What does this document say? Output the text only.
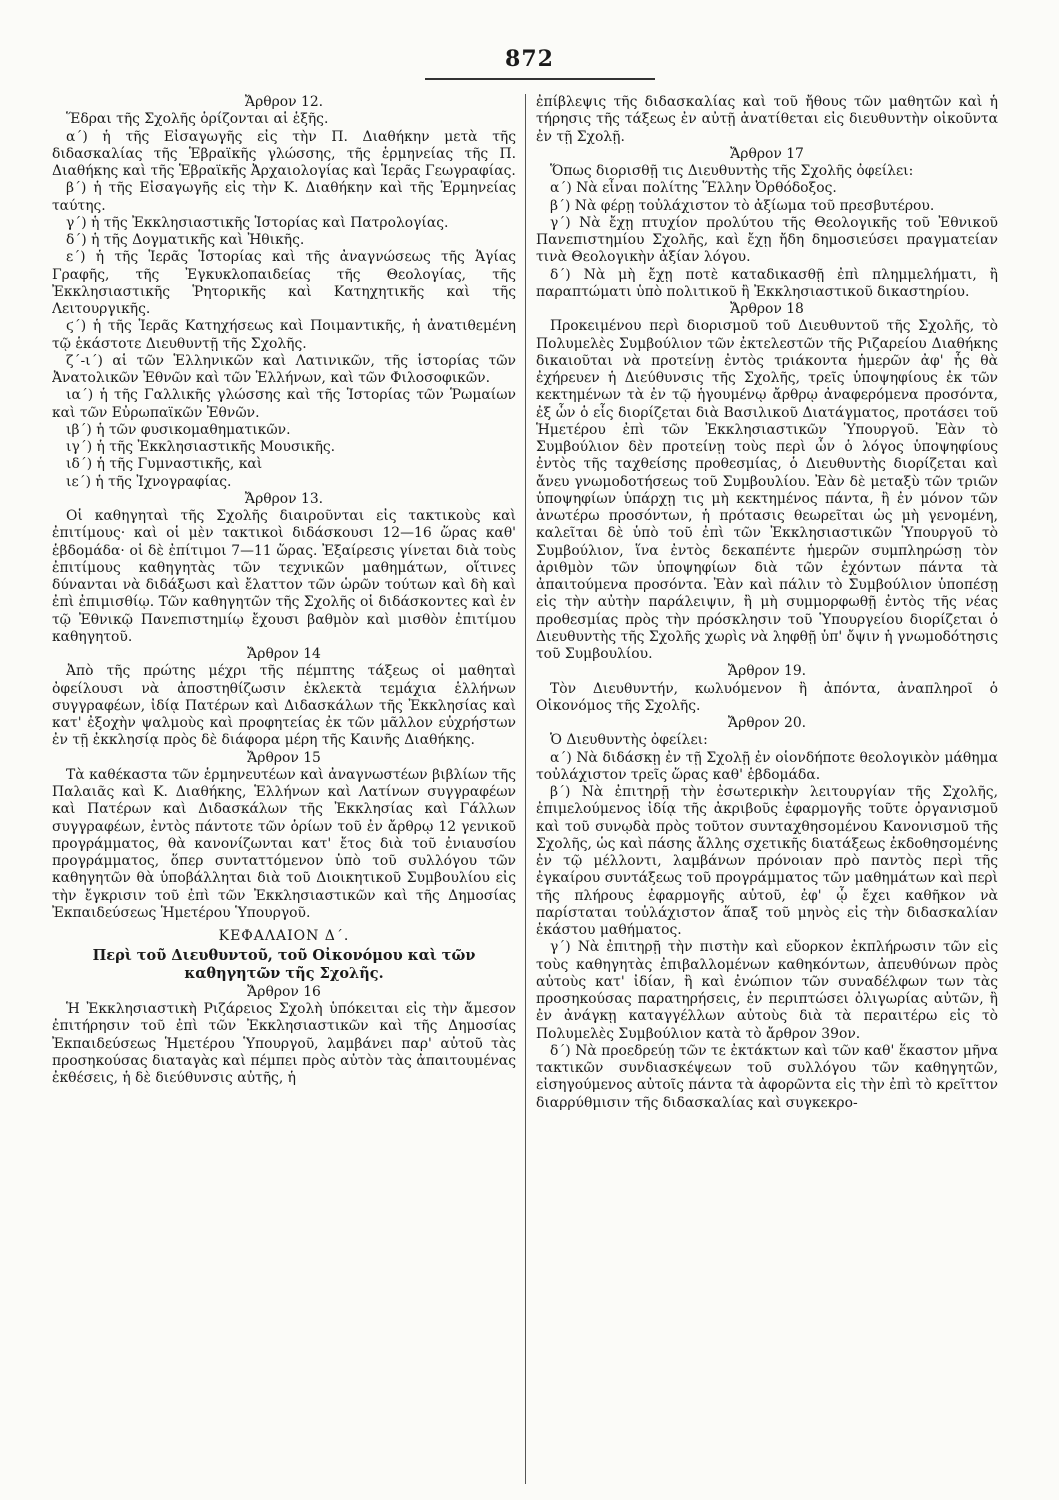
872
Ἄρθρον 12.
Ἕδραι τῆς Σχολῆς ὁρίζονται αἱ ἑξῆς.
α΄) ἡ τῆς Εἰσαγωγῆς εἰς τὴν Π. Διαθήκην μετὰ τῆς διδασκαλίας τῆς Ἑβραϊκῆς γλώσσης, τῆς ἑρμηνείας τῆς Π. Διαθήκης καὶ τῆς Ἑβραϊκῆς Ἀρχαιολογίας καὶ Ἱερᾶς Γεωγραφίας.
β΄) ἡ τῆς Εἰσαγωγῆς εἰς τὴν Κ. Διαθήκην καὶ τῆς Ἑρμηνείας ταύτης.
γ΄) ἡ τῆς Ἐκκλησιαστικῆς Ἱστορίας καὶ Πατρολογίας.
δ΄) ἡ τῆς Δογματικῆς καὶ Ἠθικῆς.
ε΄) ἡ τῆς Ἱερᾶς Ἱστορίας καὶ τῆς ἀναγνώσεως τῆς Ἁγίας Γραφῆς, τῆς Ἐγκυκλοπαιδείας τῆς Θεολογίας, τῆς Ἐκκλησιαστικῆς Ῥητορικῆς καὶ Κατηχητικῆς καὶ τῆς Λειτουργικῆς.
ϛ΄) ἡ τῆς Ἱερᾶς Κατηχήσεως καὶ Ποιμαντικῆς, ἡ ἀνατιθεμένη τῷ ἑκάστοτε Διευθυντῇ τῆς Σχολῆς.
ζ΄-ι΄) αἱ τῶν Ἑλληνικῶν καὶ Λατινικῶν, τῆς ἱστορίας τῶν Ἀνατολικῶν Ἐθνῶν καὶ τῶν Ἑλλήνων, καὶ τῶν Φιλοσοφικῶν.
ια΄) ἡ τῆς Γαλλικῆς γλώσσης καὶ τῆς Ἱστορίας τῶν Ῥωμαίων καὶ τῶν Εὐρωπαϊκῶν Ἐθνῶν.
ιβ΄) ἡ τῶν φυσικομαθηματικῶν.
ιγ΄) ἡ τῆς Ἐκκλησιαστικῆς Μουσικῆς.
ιδ΄) ἡ τῆς Γυμναστικῆς, καὶ
ιε΄) ἡ τῆς Ἰχνογραφίας.
Ἄρθρον 13.
Οἱ καθηγηταὶ τῆς Σχολῆς διαιροῦνται εἰς τακτικοὺς καὶ ἐπιτίμους· καὶ οἱ μὲν τακτικοὶ διδάσκουσι 12—16 ὥρας καθ' ἑβδομάδα· οἱ δὲ ἐπίτιμοι 7—11 ὥρας. Ἐξαίρεσις γίνεται διὰ τοὺς ἐπιτίμους καθηγητὰς τῶν τεχνικῶν μαθημάτων, οἵτινες δύνανται νὰ διδάξωσι καὶ ἔλαττον τῶν ὡρῶν τούτων καὶ δὴ καὶ ἐπὶ ἐπιμισθίῳ. Τῶν καθηγητῶν τῆς Σχολῆς οἱ διδάσκοντες καὶ ἐν τῷ Ἐθνικῷ Πανεπιστημίῳ ἔχουσι βαθμὸν καὶ μισθὸν ἐπιτίμου καθηγητοῦ.
Ἄρθρον 14
Ἀπὸ τῆς πρώτης μέχρι τῆς πέμπτης τάξεως οἱ μαθηταὶ ὀφείλουσι νὰ ἀποστηθίζωσιν ἐκλεκτὰ τεμάχια ἑλλήνων συγγραφέων, ἰδίᾳ Πατέρων καὶ Διδασκάλων τῆς Ἐκκλησίας καὶ κατ' ἐξοχὴν ψαλμοὺς καὶ προφητείας ἐκ τῶν μᾶλλον εὐχρήστων ἐν τῇ ἐκκλησίᾳ πρὸς δὲ διάφορα μέρη τῆς Καινῆς Διαθήκης.
Ἄρθρον 15
Τὰ καθέκαστα τῶν ἑρμηνευτέων καὶ ἀναγνωστέων βιβλίων τῆς Παλαιᾶς καὶ Κ. Διαθήκης, Ἑλλήνων καὶ Λατίνων συγγραφέων καὶ Πατέρων καὶ Διδασκάλων τῆς Ἐκκλησίας καὶ Γάλλων συγγραφέων, ἐντὸς πάντοτε τῶν ὁρίων τοῦ ἐν ἄρθρῳ 12 γενικοῦ προγράμματος, θὰ κανονίζωνται κατ' ἔτος διὰ τοῦ ἐνιαυσίου προγράμματος, ὅπερ συνταττόμενον ὑπὸ τοῦ συλλόγου τῶν καθηγητῶν θὰ ὑποβάλληται διὰ τοῦ Διοικητικοῦ Συμβουλίου εἰς τὴν ἔγκρισιν τοῦ ἐπὶ τῶν Ἐκκλησιαστικῶν καὶ τῆς Δημοσίας Ἐκπαιδεύσεως Ἡμετέρου Ὑπουργοῦ.
ΚΕΦΑΛΑΙΟΝ Δ΄.
Περὶ τοῦ Διευθυντοῦ, τοῦ Οἰκονόμου καὶ τῶν καθηγητῶν τῆς Σχολῆς.
Ἄρθρον 16
Ἡ Ἐκκλησιαστικὴ Ριζάρειος Σχολὴ ὑπόκειται εἰς τὴν ἄμεσον ἐπιτήρησιν τοῦ ἐπὶ τῶν Ἐκκλησιαστικῶν καὶ τῆς Δημοσίας Ἐκπαιδεύσεως Ἡμετέρου Ὑπουργοῦ, λαμβάνει παρ' αὐτοῦ τὰς προσηκούσας διαταγὰς καὶ πέμπει πρὸς αὐτὸν τὰς ἀπαιτουμένας ἐκθέσεις, ἡ δὲ διεύθυνσις αὐτῆς, ἡ
ἐπίβλεψις τῆς διδασκαλίας καὶ τοῦ ἤθους τῶν μαθητῶν καὶ ἡ τήρησις τῆς τάξεως ἐν αὐτῇ ἀνατίθεται εἰς διευθυντὴν οἰκοῦντα ἐν τῇ Σχολῇ.
Ἄρθρον 17
Ὅπως διορισθῇ τις Διευθυντὴς τῆς Σχολῆς ὀφείλει:
α΄) Νὰ εἶναι πολίτης Ἕλλην Ὀρθόδοξος.
β΄) Νὰ φέρῃ τοὐλάχιστον τὸ ἀξίωμα τοῦ πρεσβυτέρου.
γ΄) Νὰ ἔχῃ πτυχίον προλύτου τῆς Θεολογικῆς τοῦ Ἐθνικοῦ Πανεπιστημίου Σχολῆς, καὶ ἔχῃ ἤδη δημοσιεύσει πραγματείαν τινὰ Θεολογικὴν ἀξίαν λόγου.
δ΄) Νὰ μὴ ἔχῃ ποτὲ καταδικασθῇ ἐπὶ πλημμελήματι, ἢ παραπτώματι ὑπὸ πολιτικοῦ ἢ Ἐκκλησιαστικοῦ δικαστηρίου.
Ἄρθρον 18
Προκειμένου περὶ διορισμοῦ τοῦ Διευθυντοῦ τῆς Σχολῆς, τὸ Πολυμελὲς Συμβούλιον τῶν ἐκτελεστῶν τῆς Ριζαρείου Διαθήκης δικαιοῦται νὰ προτείνῃ ἐντὸς τριάκοντα ἡμερῶν ἀφ' ἧς θὰ ἐχήρευεν ἡ Διεύθυνσις τῆς Σχολῆς, τρεῖς ὑποψηφίους ἐκ τῶν κεκτημένων τὰ ἐν τῷ ἡγουμένῳ ἄρθρῳ ἀναφερόμενα προσόντα, ἐξ ὧν ὁ εἷς διορίζεται διὰ Βασιλικοῦ Διατάγματος, προτάσει τοῦ Ἡμετέρου ἐπὶ τῶν Ἐκκλησιαστικῶν Ὑπουργοῦ. Ἐὰν τὸ Συμβούλιον δὲν προτείνῃ τοὺς περὶ ὧν ὁ λόγος ὑποψηφίους ἐντὸς τῆς ταχθείσης προθεσμίας, ὁ Διευθυντὴς διορίζεται καὶ ἄνευ γνωμοδοτήσεως τοῦ Συμβουλίου. Ἐὰν δὲ μεταξὺ τῶν τριῶν ὑποψηφίων ὑπάρχῃ τις μὴ κεκτημένος πάντα, ἢ ἐν μόνον τῶν ἀνωτέρω προσόντων, ἡ πρότασις θεωρεῖται ὡς μὴ γενομένη, καλεῖται δὲ ὑπὸ τοῦ ἐπὶ τῶν Ἐκκλησιαστικῶν Ὑπουργοῦ τὸ Συμβούλιον, ἵνα ἐντὸς δεκαπέντε ἡμερῶν συμπληρώσῃ τὸν ἀριθμὸν τῶν ὑποψηφίων διὰ τῶν ἐχόντων πάντα τὰ ἀπαιτούμενα προσόντα. Ἐὰν καὶ πάλιν τὸ Συμβούλιον ὑποπέσῃ εἰς τὴν αὐτὴν παράλειψιν, ἢ μὴ συμμορφωθῇ ἐντὸς τῆς νέας προθεσμίας πρὸς τὴν πρόσκλησιν τοῦ Ὑπουργείου διορίζεται ὁ Διευθυντὴς τῆς Σχολῆς χωρὶς νὰ ληφθῇ ὑπ' ὄψιν ἡ γνωμοδότησις τοῦ Συμβουλίου.
Ἄρθρον 19.
Τὸν Διευθυντήν, κωλυόμενον ἢ ἀπόντα, ἀναπληροῖ ὁ Οἰκονόμος τῆς Σχολῆς.
Ἄρθρον 20.
Ὁ Διευθυντὴς ὀφείλει:
α΄) Νὰ διδάσκῃ ἐν τῇ Σχολῇ ἐν οἱονδήποτε θεολογικὸν μάθημα τοὐλάχιστον τρεῖς ὥρας καθ' ἑβδομάδα.
β΄) Νὰ ἐπιτηρῇ τὴν ἐσωτερικὴν λειτουργίαν τῆς Σχολῆς, ἐπιμελούμενος ἰδίᾳ τῆς ἀκριβοῦς ἐφαρμογῆς τοῦτε ὀργανισμοῦ καὶ τοῦ συνῳδὰ πρὸς τοῦτον συνταχθησομένου Κανονισμοῦ τῆς Σχολῆς, ὡς καὶ πάσης ἄλλης σχετικῆς διατάξεως ἐκδοθησομένης ἐν τῷ μέλλοντι, λαμβάνων πρόνοιαν πρὸ παντὸς περὶ τῆς ἐγκαίρου συντάξεως τοῦ προγράμματος τῶν μαθημάτων καὶ περὶ τῆς πλήρους ἐφαρμογῆς αὐτοῦ, ἐφ' ᾧ ἔχει καθῆκον νὰ παρίσταται τοὐλάχιστον ἅπαξ τοῦ μηνὸς εἰς τὴν διδασκαλίαν ἑκάστου μαθήματος.
γ΄) Νὰ ἐπιτηρῇ τὴν πιστὴν καὶ εὔορκον ἐκπλήρωσιν τῶν εἰς τοὺς καθηγητὰς ἐπιβαλλομένων καθηκόντων, ἀπευθύνων πρὸς αὐτοὺς κατ' ἰδίαν, ἢ καὶ ἐνώπιον τῶν συναδέλφων των τὰς προσηκούσας παρατηρήσεις, ἐν περιπτώσει ὀλιγωρίας αὐτῶν, ἢ ἐν ἀνάγκῃ καταγγέλλων αὐτοὺς διὰ τὰ περαιτέρω εἰς τὸ Πολυμελὲς Συμβούλιον κατὰ τὸ ἄρθρον 39ον.
δ΄) Νὰ προεδρεύῃ τῶν τε ἐκτάκτων καὶ τῶν καθ' ἕκαστον μῆνα τακτικῶν συνδιασκέψεων τοῦ συλλόγου τῶν καθηγητῶν, εἰσηγούμενος αὐτοῖς πάντα τὰ ἀφορῶντα εἰς τὴν ἐπὶ τὸ κρεῖττον διαρρύθμισιν τῆς διδασκαλίας καὶ συγκεκρο-
